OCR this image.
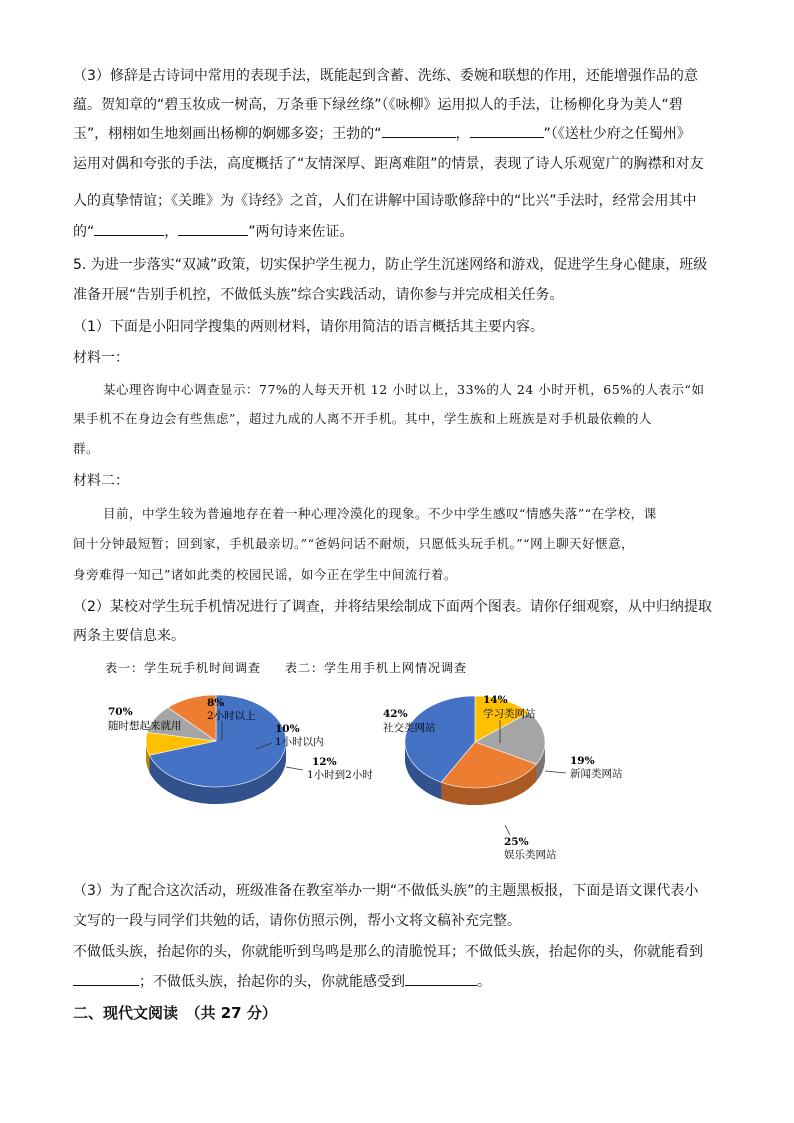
（3）修辞是古诗词中常用的表现手法，既能起到含蓄、洗练、委婉和联想的作用，还能增强作品的意
蕴。贺知章的“碧玉妆成一树高，万条垂下绿丝绦”（《咏柳》运用拟人的手法，让杨柳化身为美人“碧
玉”，栩栩如生地刻画出杨柳的婀娜多姿；王勃的“	，	”（《送杜少府之任蜀州》
运用对偶和夸张的手法，高度概括了“友情深厚、距离难阻”的情景，表现了诗人乐观宽广的胸襟和对友
人的真挚情谊；《关雎》为《诗经》之首，人们在讲解中国诗歌修辞中的“比兴”手法时，经常会用其中
的“	，	”两句诗来佐证。
5. 为进一步落实“双减”政策，切实保护学生视力，防止学生沉迷网络和游戏，促进学生身心健康，班级
准备开展“告别手机控，不做低头族”综合实践活动，请你参与并完成相关任务。
（1）下面是小阳同学搜集的两则材料，请你用简洁的语言概括其主要内容。
材料一：
某心理咨询中心调查显示：77%的人每天开机 12 小时以上，33%的人 24 小时开机，65%的人表示“如
果手机不在身边会有些焦虑”，超过九成的人离不开手机。其中，学生族和上班族是对手机最依赖的人
群。
材料二：
目前，中学生较为普遍地存在着一种心理冷漠化的现象。不少中学生感叹“情感失落”“在学校，课
间十分钟最短暂；回到家，手机最亲切。”“爸妈问话不耐烦，只愿低头玩手机。”“网上聊天好惬意，
身旁难得一知己”诸如此类的校园民谣，如今正在学生中间流行着。
（2）某校对学生玩手机情况进行了调查，并将结果绘制成下面两个图表。请你仔细观察，从中归纳提取
两条主要信息来。
表一：学生玩手机时间调查 表二：学生用手机上网情况调查
70%
随时想起来就用
8%
2小时以上
10%
1小时以内
12%
1小时到2小时
14%
学习类网站
19%
新闻类网站
25%
娱乐类网站
42%
社交类网站
（3）为了配合这次活动，班级准备在教室举办一期“不做低头族”的主题黑板报，下面是语文课代表小
文写的一段与同学们共勉的话，请你仿照示例，帮小文将文稿补充完整。
不做低头族，抬起你的头，你就能听到鸟鸣是那么的清脆悦耳；不做低头族，抬起你的头，你就能看到
；不做低头族，抬起你的头，你就能感受到	。
二、现代文阅读　（共 27 分）
